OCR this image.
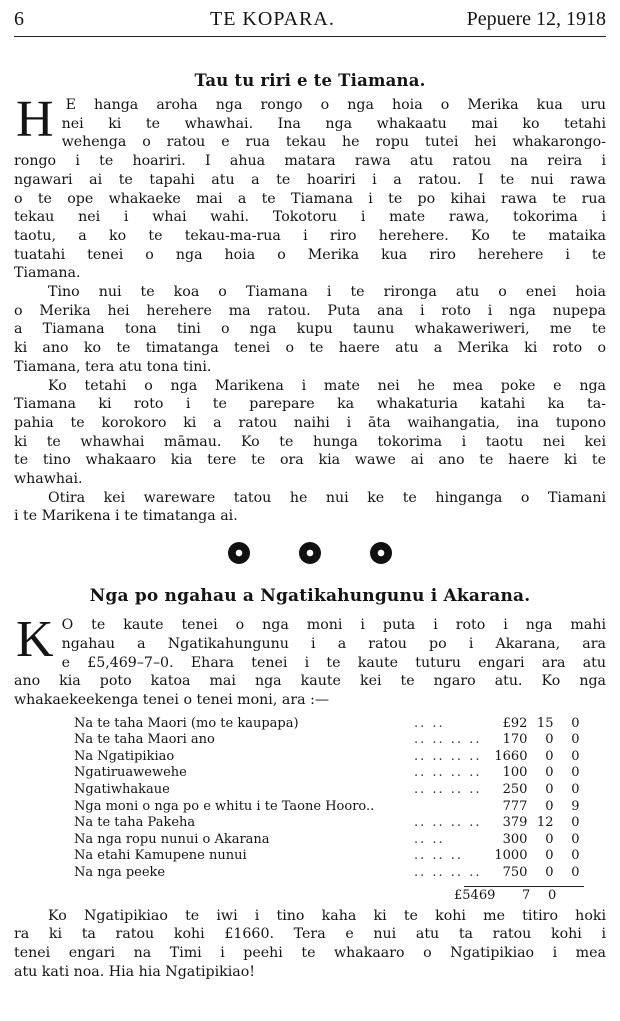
6	TE KOPARA.	Pepuere 12, 1918
Tau tu riri e te Tiamana.
H E hanga aroha nga rongo o nga hoia o Merika kua uru
nei ki te whawhai. Ina nga whakaatu mai ko tetahi
wehenga o ratou e rua tekau he ropu tutei hei whakarongo-
rongo i te hoariri. I ahua matara rawa atu ratou na reira i
ngawari ai te tapahi atu a te hoariri i a ratou. I te nui rawa
o te ope whakaeke mai a te Tiamana i te po kihai rawa te rua
tekau nei i whai wahi. Tokotoru i mate rawa, tokorima i
taotu, a ko te tekau-ma-rua i riro herehere. Ko te mataika
tuatahi tenei o nga hoia o Merika kua riro herehere i te
Tiamana.
Tino nui te koa o Tiamana i te rironga atu o enei hoia
o Merika hei herehere ma ratou. Puta ana i roto i nga nupepa
a Tiamana tona tini o nga kupu taunu whakaweriweri, me te
ki ano ko te timatanga tenei o te haere atu a Merika ki roto o
Tiamana, tera atu tona tini.
Ko tetahi o nga Marikena i mate nei he mea poke e nga
Tiamana ki roto i te parepare ka whakaturia katahi ka ta-
pahia te korokoro ki a ratou naihi i āta waihangatia, ina tupono
ki te whawhai māmau. Ko te hunga tokorima i taotu nei kei
te tino whakaaro kia tere te ora kia wawe ai ano te haere ki te
whawhai.
Otira kei wareware tatou he nui ke te hinganga o Tiamani
i te Marikena i te timatanga ai.

Nga po ngahau a Ngatikahungunu i Akarana.
K O te kaute tenei o nga moni i puta i roto i nga mahi
ngahau a Ngatikahungunu i a ratou po i Akarana, ara
e £5,469–7–0. Ehara tenei i te kaute tuturu engari ara atu
ano kia poto katoa mai nga kaute kei te ngaro atu. Ko nga
whakaekeekenga tenei o tenei moni, ara :—
Na te taha Maori (mo te kaupapa)	.. ..	£92	15	0
Na te taha Maori ano	.. .. .. ..	170	0	0
Na Ngatipikiao	.. .. .. ..	1660	0	0
Ngatiruawewehe	.. .. .. ..	100	0	0
Ngatiwhakaue	.. .. .. ..	250	0	0
Nga moni o nga po e whitu i te Taone Hooro..		777	0	9
Na te taha Pakeha	.. .. .. ..	379	12	0
Na nga ropu nunui o Akarana	.. ..	300	0	0
Na etahi Kamupene nunui	.. .. ..	1000	0	0
Na nga peeke	.. .. .. ..	750	0	0
£5469 7 0
Ko Ngatipikiao te iwi i tino kaha ki te kohi me titiro hoki
ra ki ta ratou kohi £1660. Tera e nui atu ta ratou kohi i
tenei engari na Timi i peehi te whakaaro o Ngatipikiao i mea
atu kati noa. Hia hia Ngatipikiao!
